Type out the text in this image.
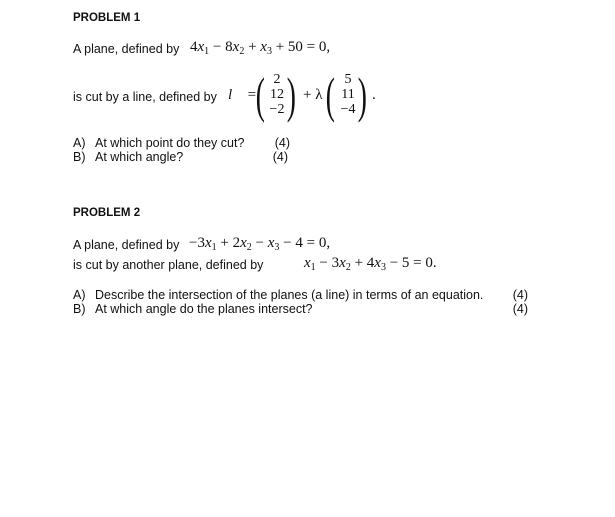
PROBLEM 1
A plane, defined by $4x_1 - 8x_2 + x_3 + 50 = 0$,
is cut by a line, defined by l⃗ = ( 2
12
−2 ) + λ ( 5
11
−4 ) .
A) At which point do they cut?	(4)
B) At which angle?	(4)
PROBLEM 2
A plane, defined by $-3x_1 + 2x_2 - x_3 - 4 = 0$,
is cut by another plane, defined by	$x_1 - 3x_2 + 4x_3 - 5 = 0$.
A) Describe the intersection of the planes (a line) in terms of an equation.	(4)
B) At which angle do the planes intersect?	(4)
